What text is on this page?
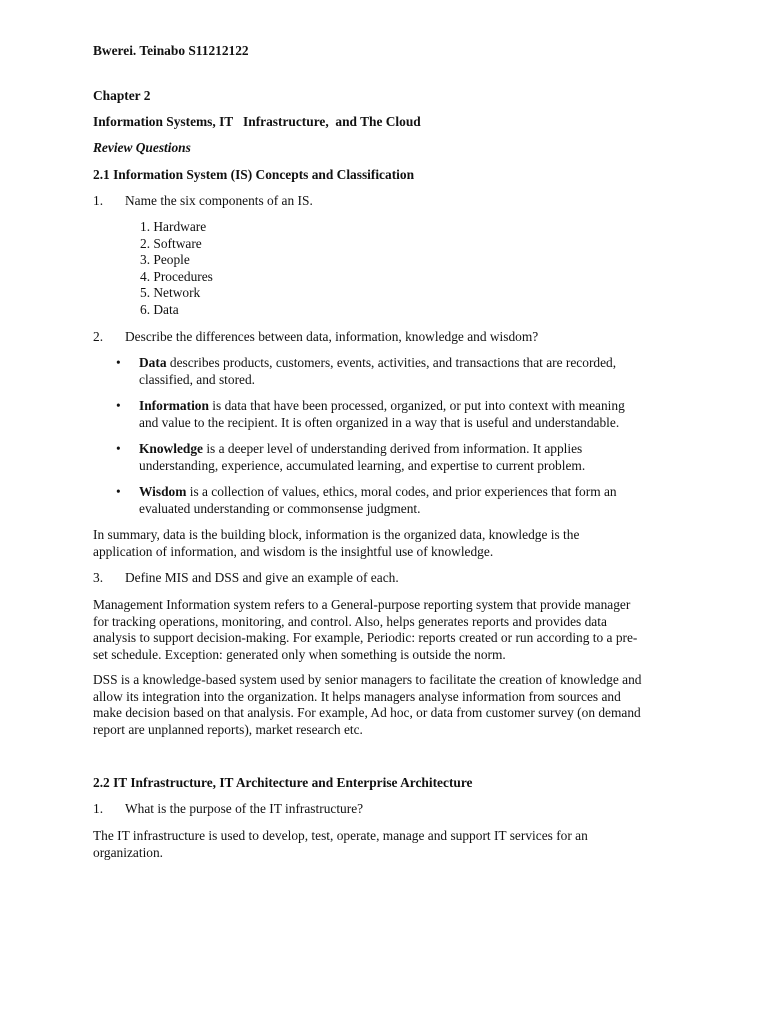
Bwerei. Teinabo S11212122
Chapter 2
Information Systems, IT   Infrastructure,  and The Cloud
Review Questions
2.1 Information System (IS) Concepts and Classification
1. Name the six components of an IS.
1. Hardware
2. Software
3. People
4. Procedures
5. Network
6. Data
2. Describe the differences between data, information, knowledge and wisdom?
• Data describes products, customers, events, activities, and transactions that are recorded,
classified, and stored.
• Information is data that have been processed, organized, or put into context with meaning
and value to the recipient. It is often organized in a way that is useful and understandable.
• Knowledge is a deeper level of understanding derived from information. It applies
understanding, experience, accumulated learning, and expertise to current problem.
• Wisdom is a collection of values, ethics, moral codes, and prior experiences that form an
evaluated understanding or commonsense judgment.
In summary, data is the building block, information is the organized data, knowledge is the
application of information, and wisdom is the insightful use of knowledge.
3. Define MIS and DSS and give an example of each.
Management Information system refers to a General-purpose reporting system that provide manager
for tracking operations, monitoring, and control. Also, helps generates reports and provides data
analysis to support decision-making. For example, Periodic: reports created or run according to a pre-
set schedule. Exception: generated only when something is outside the norm.
DSS is a knowledge-based system used by senior managers to facilitate the creation of knowledge and
allow its integration into the organization. It helps managers analyse information from sources and
make decision based on that analysis. For example, Ad hoc, or data from customer survey (on demand
report are unplanned reports), market research etc.
2.2 IT Infrastructure, IT Architecture and Enterprise Architecture
1. What is the purpose of the IT infrastructure?
The IT infrastructure is used to develop, test, operate, manage and support IT services for an
organization.
